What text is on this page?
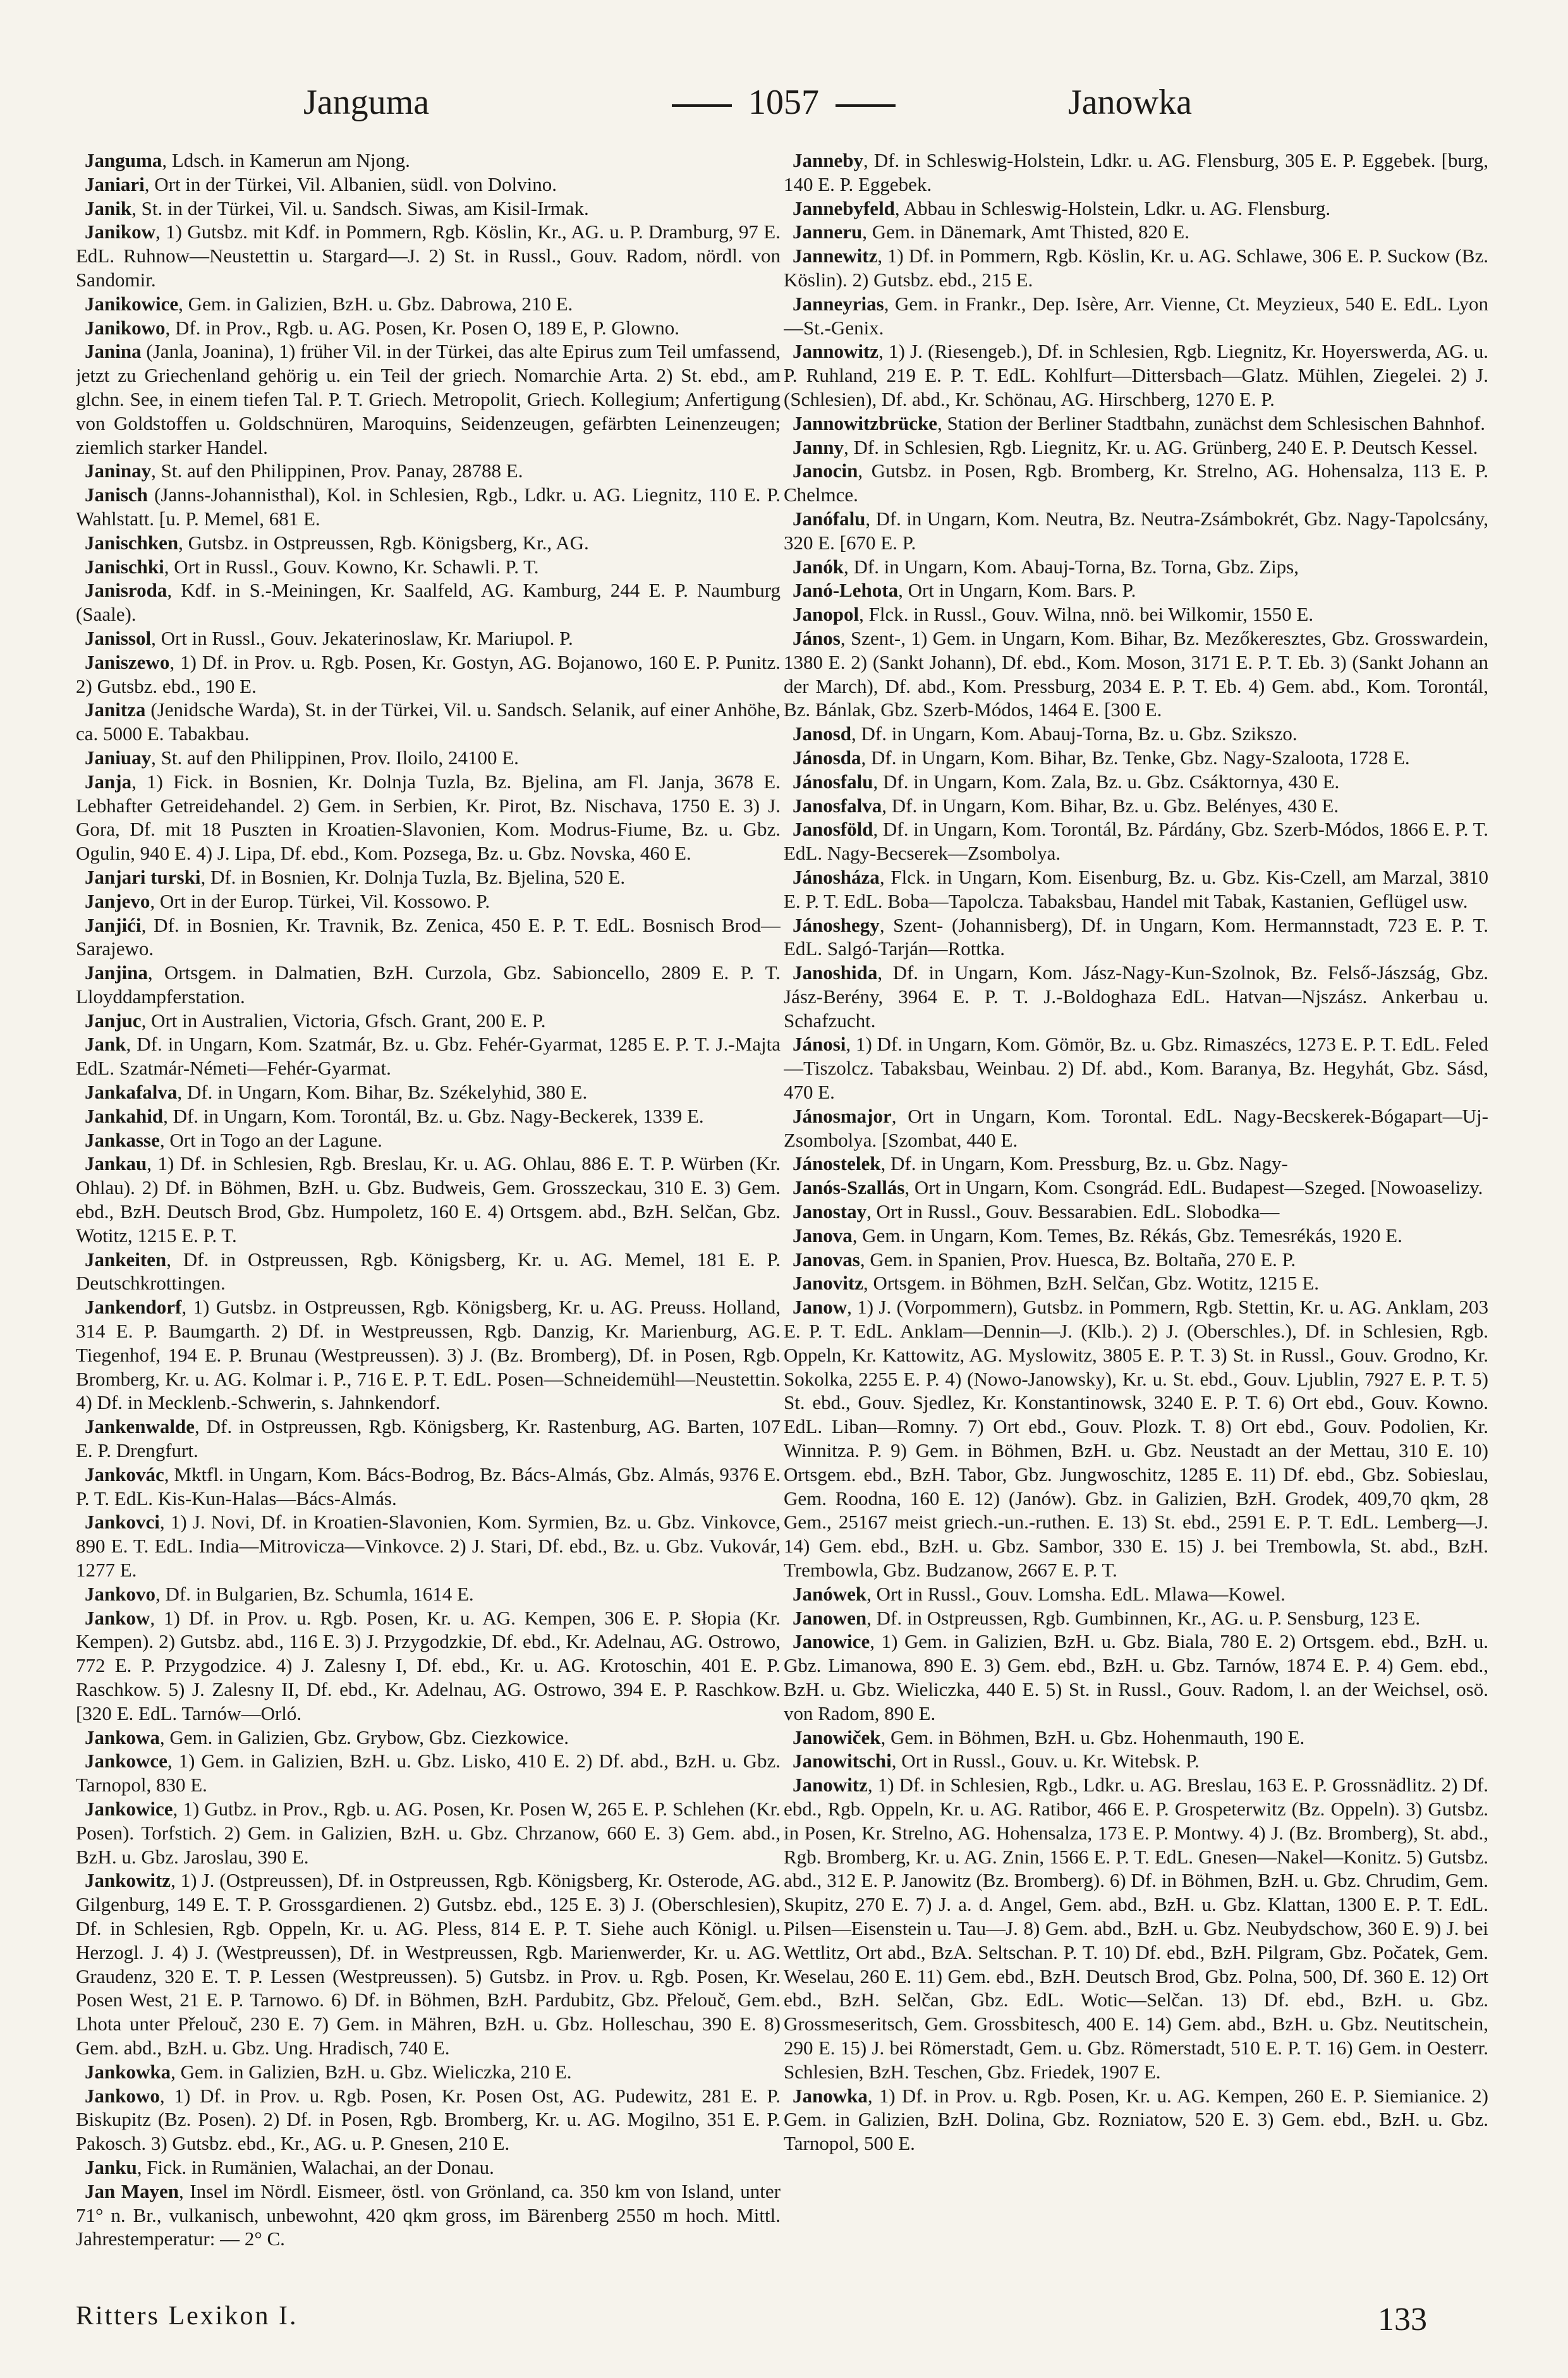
Janguma	1057	Janowka

Janguma, Ldsch. in Kamerun am Njong.

Janiari, Ort in der Türkei, Vil. Albanien, südl. von Dolvino.

Janik, St. in der Türkei, Vil. u. Sandsch. Siwas, am Kisil-Irmak.

Janikow, 1) Gutsbz. mit Kdf. in Pommern, Rgb. Köslin, Kr., AG. u. P. Dramburg, 97 E. EdL. Ruhnow—Neustettin u. Stargard—J. 2) St. in Russl., Gouv. Radom, nördl. von Sandomir.

Janikowice, Gem. in Galizien, BzH. u. Gbz. Dabrowa, 210 E.

Janikowo, Df. in Prov., Rgb. u. AG. Posen, Kr. Posen O, 189 E, P. Glowno.

Janina (Janla, Joanina), 1) früher Vil. in der Türkei, das alte Epirus zum Teil umfassend, jetzt zu Griechenland gehörig u. ein Teil der griech. Nomarchie Arta. 2) St. ebd., am glchn. See, in einem tiefen Tal. P. T. Griech. Metropolit, Griech. Kollegium; Anfertigung von Goldstoffen u. Goldschnüren, Maroquins, Seidenzeugen, gefärbten Leinenzeugen; ziemlich starker Handel.

Janinay, St. auf den Philippinen, Prov. Panay, 28788 E.

Janisch (Janns-Johannisthal), Kol. in Schlesien, Rgb., Ldkr. u. AG. Liegnitz, 110 E. P. Wahlstatt. [u. P. Memel, 681 E.

Janischken, Gutsbz. in Ostpreussen, Rgb. Königsberg, Kr., AG.

Janischki, Ort in Russl., Gouv. Kowno, Kr. Schawli. P. T.

Janisroda, Kdf. in S.-Meiningen, Kr. Saalfeld, AG. Kamburg, 244 E. P. Naumburg (Saale).

Janissol, Ort in Russl., Gouv. Jekaterinoslaw, Kr. Mariupol. P.

Janiszewo, 1) Df. in Prov. u. Rgb. Posen, Kr. Gostyn, AG. Bojanowo, 160 E. P. Punitz. 2) Gutsbz. ebd., 190 E.

Janitza (Jenidsche Warda), St. in der Türkei, Vil. u. Sandsch. Selanik, auf einer Anhöhe, ca. 5000 E. Tabakbau.

Janiuay, St. auf den Philippinen, Prov. Iloilo, 24100 E.

Janja, 1) Fick. in Bosnien, Kr. Dolnja Tuzla, Bz. Bjelina, am Fl. Janja, 3678 E. Lebhafter Getreidehandel. 2) Gem. in Serbien, Kr. Pirot, Bz. Nischava, 1750 E. 3) J. Gora, Df. mit 18 Puszten in Kroatien-Slavonien, Kom. Modrus-Fiume, Bz. u. Gbz. Ogulin, 940 E. 4) J. Lipa, Df. ebd., Kom. Pozsega, Bz. u. Gbz. Novska, 460 E.

Janjari turski, Df. in Bosnien, Kr. Dolnja Tuzla, Bz. Bjelina, 520 E.

Janjevo, Ort in der Europ. Türkei, Vil. Kossowo. P.

Janjići, Df. in Bosnien, Kr. Travnik, Bz. Zenica, 450 E. P. T. EdL. Bosnisch Brod—Sarajewo.

Janjina, Ortsgem. in Dalmatien, BzH. Curzola, Gbz. Sabioncello, 2809 E. P. T. Lloyddampferstation.

Janjuc, Ort in Australien, Victoria, Gfsch. Grant, 200 E. P.

Jank, Df. in Ungarn, Kom. Szatmár, Bz. u. Gbz. Fehér-Gyarmat, 1285 E. P. T. J.-Majta EdL. Szatmár-Németi—Fehér-Gyarmat.

Jankafalva, Df. in Ungarn, Kom. Bihar, Bz. Székelyhid, 380 E.

Jankahid, Df. in Ungarn, Kom. Torontál, Bz. u. Gbz. Nagy-Beckerek, 1339 E.

Jankasse, Ort in Togo an der Lagune.

Jankau, 1) Df. in Schlesien, Rgb. Breslau, Kr. u. AG. Ohlau, 886 E. T. P. Würben (Kr. Ohlau). 2) Df. in Böhmen, BzH. u. Gbz. Budweis, Gem. Grosszeckau, 310 E. 3) Gem. ebd., BzH. Deutsch Brod, Gbz. Humpoletz, 160 E. 4) Ortsgem. abd., BzH. Selčan, Gbz. Wotitz, 1215 E. P. T.

Jankeiten, Df. in Ostpreussen, Rgb. Königsberg, Kr. u. AG. Memel, 181 E. P. Deutschkrottingen.

Jankendorf, 1) Gutsbz. in Ostpreussen, Rgb. Königsberg, Kr. u. AG. Preuss. Holland, 314 E. P. Baumgarth. 2) Df. in Westpreussen, Rgb. Danzig, Kr. Marienburg, AG. Tiegenhof, 194 E. P. Brunau (Westpreussen). 3) J. (Bz. Bromberg), Df. in Posen, Rgb. Bromberg, Kr. u. AG. Kolmar i. P., 716 E. P. T. EdL. Posen—Schneidemühl—Neustettin. 4) Df. in Mecklenb.-Schwerin, s. Jahnkendorf.

Jankenwalde, Df. in Ostpreussen, Rgb. Königsberg, Kr. Rastenburg, AG. Barten, 107 E. P. Drengfurt.

Jankovác, Mktfl. in Ungarn, Kom. Bács-Bodrog, Bz. Bács-Almás, Gbz. Almás, 9376 E. P. T. EdL. Kis-Kun-Halas—Bács-Almás.

Jankovci, 1) J. Novi, Df. in Kroatien-Slavonien, Kom. Syrmien, Bz. u. Gbz. Vinkovce, 890 E. T. EdL. India—Mitrovicza—Vinkovce. 2) J. Stari, Df. ebd., Bz. u. Gbz. Vukovár, 1277 E.

Jankovo, Df. in Bulgarien, Bz. Schumla, 1614 E.

Jankow, 1) Df. in Prov. u. Rgb. Posen, Kr. u. AG. Kempen, 306 E. P. Słopia (Kr. Kempen). 2) Gutsbz. abd., 116 E. 3) J. Przygodzkie, Df. ebd., Kr. Adelnau, AG. Ostrowo, 772 E. P. Przygodzice. 4) J. Zalesny I, Df. ebd., Kr. u. AG. Krotoschin, 401 E. P. Raschkow. 5) J. Zalesny II, Df. ebd., Kr. Adelnau, AG. Ostrowo, 394 E. P. Raschkow. [320 E. EdL. Tarnów—Orló.

Jankowa, Gem. in Galizien, Gbz. Grybow, Gbz. Ciezkowice.

Jankowce, 1) Gem. in Galizien, BzH. u. Gbz. Lisko, 410 E. 2) Df. abd., BzH. u. Gbz. Tarnopol, 830 E.

Jankowice, 1) Gutbz. in Prov., Rgb. u. AG. Posen, Kr. Posen W, 265 E. P. Schlehen (Kr. Posen). Torfstich. 2) Gem. in Galizien, BzH. u. Gbz. Chrzanow, 660 E. 3) Gem. abd., BzH. u. Gbz. Jaroslau, 390 E.

Jankowitz, 1) J. (Ostpreussen), Df. in Ostpreussen, Rgb. Königsberg, Kr. Osterode, AG. Gilgenburg, 149 E. T. P. Grossgardienen. 2) Gutsbz. ebd., 125 E. 3) J. (Oberschlesien), Df. in Schlesien, Rgb. Oppeln, Kr. u. AG. Pless, 814 E. P. T. Siehe auch Königl. u. Herzogl. J. 4) J. (Westpreussen), Df. in Westpreussen, Rgb. Marienwerder, Kr. u. AG. Graudenz, 320 E. T. P. Lessen (Westpreussen). 5) Gutsbz. in Prov. u. Rgb. Posen, Kr. Posen West, 21 E. P. Tarnowo. 6) Df. in Böhmen, BzH. Pardubitz, Gbz. Přelouč, Gem. Lhota unter Přelouč, 230 E. 7) Gem. in Mähren, BzH. u. Gbz. Holleschau, 390 E. 8) Gem. abd., BzH. u. Gbz. Ung. Hradisch, 740 E.

Jankowka, Gem. in Galizien, BzH. u. Gbz. Wieliczka, 210 E.

Jankowo, 1) Df. in Prov. u. Rgb. Posen, Kr. Posen Ost, AG. Pudewitz, 281 E. P. Biskupitz (Bz. Posen). 2) Df. in Posen, Rgb. Bromberg, Kr. u. AG. Mogilno, 351 E. P. Pakosch. 3) Gutsbz. ebd., Kr., AG. u. P. Gnesen, 210 E.

Janku, Fick. in Rumänien, Walachai, an der Donau.

Jan Mayen, Insel im Nördl. Eismeer, östl. von Grönland, ca. 350 km von Island, unter 71° n. Br., vulkanisch, unbewohnt, 420 qkm gross, im Bärenberg 2550 m hoch. Mittl. Jahrestemperatur: — 2° C.

Janneby, Df. in Schleswig-Holstein, Ldkr. u. AG. Flensburg, 305 E. P. Eggebek. [burg, 140 E. P. Eggebek.

Jannebyfeld, Abbau in Schleswig-Holstein, Ldkr. u. AG. Flensburg.

Janneru, Gem. in Dänemark, Amt Thisted, 820 E.

Jannewitz, 1) Df. in Pommern, Rgb. Köslin, Kr. u. AG. Schlawe, 306 E. P. Suckow (Bz. Köslin). 2) Gutsbz. ebd., 215 E.

Janneyrias, Gem. in Frankr., Dep. Isère, Arr. Vienne, Ct. Meyzieux, 540 E. EdL. Lyon—St.-Genix.

Jannowitz, 1) J. (Riesengeb.), Df. in Schlesien, Rgb. Liegnitz, Kr. Hoyerswerda, AG. u. P. Ruhland, 219 E. P. T. EdL. Kohlfurt—Dittersbach—Glatz. Mühlen, Ziegelei. 2) J. (Schlesien), Df. abd., Kr. Schönau, AG. Hirschberg, 1270 E. P.

Jannowitzbrücke, Station der Berliner Stadtbahn, zunächst dem Schlesischen Bahnhof.

Janny, Df. in Schlesien, Rgb. Liegnitz, Kr. u. AG. Grünberg, 240 E. P. Deutsch Kessel.

Janocin, Gutsbz. in Posen, Rgb. Bromberg, Kr. Strelno, AG. Hohensalza, 113 E. P. Chelmce.

Janófalu, Df. in Ungarn, Kom. Neutra, Bz. Neutra-Zsámbokrét, Gbz. Nagy-Tapolcsány, 320 E. [670 E. P.

Janók, Df. in Ungarn, Kom. Abauj-Torna, Bz. Torna, Gbz. Zips,

Janó-Lehota, Ort in Ungarn, Kom. Bars. P.

Janopol, Flck. in Russl., Gouv. Wilna, nnö. bei Wilkomir, 1550 E.

János, Szent-, 1) Gem. in Ungarn, Kom. Bihar, Bz. Mezőkeresztes, Gbz. Grosswardein, 1380 E. 2) (Sankt Johann), Df. ebd., Kom. Moson, 3171 E. P. T. Eb. 3) (Sankt Johann an der March), Df. abd., Kom. Pressburg, 2034 E. P. T. Eb. 4) Gem. abd., Kom. Torontál, Bz. Bánlak, Gbz. Szerb-Módos, 1464 E. [300 E.

Janosd, Df. in Ungarn, Kom. Abauj-Torna, Bz. u. Gbz. Szikszo.

Jánosda, Df. in Ungarn, Kom. Bihar, Bz. Tenke, Gbz. Nagy-Szaloota, 1728 E.

Jánosfalu, Df. in Ungarn, Kom. Zala, Bz. u. Gbz. Csáktornya, 430 E.

Janosfalva, Df. in Ungarn, Kom. Bihar, Bz. u. Gbz. Belényes, 430 E.

Janosföld, Df. in Ungarn, Kom. Torontál, Bz. Párdány, Gbz. Szerb-Módos, 1866 E. P. T. EdL. Nagy-Becserek—Zsombolya.

Jánosháza, Flck. in Ungarn, Kom. Eisenburg, Bz. u. Gbz. Kis-Czell, am Marzal, 3810 E. P. T. EdL. Boba—Tapolcza. Tabaksbau, Handel mit Tabak, Kastanien, Geflügel usw.

Jánoshegy, Szent- (Johannisberg), Df. in Ungarn, Kom. Hermannstadt, 723 E. P. T. EdL. Salgó-Tarján—Rottka.

Janoshida, Df. in Ungarn, Kom. Jász-Nagy-Kun-Szolnok, Bz. Felső-Jászság, Gbz. Jász-Berény, 3964 E. P. T. J.-Boldoghaza EdL. Hatvan—Njszász. Ankerbau u. Schafzucht.

Jánosi, 1) Df. in Ungarn, Kom. Gömör, Bz. u. Gbz. Rimaszécs, 1273 E. P. T. EdL. Feled—Tiszolcz. Tabaksbau, Weinbau. 2) Df. abd., Kom. Baranya, Bz. Hegyhát, Gbz. Sásd, 470 E.

Jánosmajor, Ort in Ungarn, Kom. Torontal. EdL. Nagy-Becskerek-Bógapart—Uj-Zsombolya. [Szombat, 440 E.

Jánostelek, Df. in Ungarn, Kom. Pressburg, Bz. u. Gbz. Nagy-

Janós-Szallás, Ort in Ungarn, Kom. Csongrád. EdL. Budapest—Szeged. [Nowoaselizy.

Janostay, Ort in Russl., Gouv. Bessarabien. EdL. Slobodka—

Janova, Gem. in Ungarn, Kom. Temes, Bz. Rékás, Gbz. Temesrékás, 1920 E.

Janovas, Gem. in Spanien, Prov. Huesca, Bz. Boltaña, 270 E. P.

Janovitz, Ortsgem. in Böhmen, BzH. Selčan, Gbz. Wotitz, 1215 E.

Janow, 1) J. (Vorpommern), Gutsbz. in Pommern, Rgb. Stettin, Kr. u. AG. Anklam, 203 E. P. T. EdL. Anklam—Dennin—J. (Klb.). 2) J. (Oberschles.), Df. in Schlesien, Rgb. Oppeln, Kr. Kattowitz, AG. Myslowitz, 3805 E. P. T. 3) St. in Russl., Gouv. Grodno, Kr. Sokolka, 2255 E. P. 4) (Nowo-Janowsky), Kr. u. St. ebd., Gouv. Ljublin, 7927 E. P. T. 5) St. ebd., Gouv. Sjedlez, Kr. Konstantinowsk, 3240 E. P. T. 6) Ort ebd., Gouv. Kowno. EdL. Liban—Romny. 7) Ort ebd., Gouv. Plozk. T. 8) Ort ebd., Gouv. Podolien, Kr. Winnitza. P. 9) Gem. in Böhmen, BzH. u. Gbz. Neustadt an der Mettau, 310 E. 10) Ortsgem. ebd., BzH. Tabor, Gbz. Jungwoschitz, 1285 E. 11) Df. ebd., Gbz. Sobieslau, Gem. Roodna, 160 E. 12) (Janów). Gbz. in Galizien, BzH. Grodek, 409,70 qkm, 28 Gem., 25167 meist griech.-un.-ruthen. E. 13) St. ebd., 2591 E. P. T. EdL. Lemberg—J. 14) Gem. ebd., BzH. u. Gbz. Sambor, 330 E. 15) J. bei Trembowla, St. abd., BzH. Trembowla, Gbz. Budzanow, 2667 E. P. T.

Janówek, Ort in Russl., Gouv. Lomsha. EdL. Mlawa—Kowel.

Janowen, Df. in Ostpreussen, Rgb. Gumbinnen, Kr., AG. u. P. Sensburg, 123 E.

Janowice, 1) Gem. in Galizien, BzH. u. Gbz. Biala, 780 E. 2) Ortsgem. ebd., BzH. u. Gbz. Limanowa, 890 E. 3) Gem. ebd., BzH. u. Gbz. Tarnów, 1874 E. P. 4) Gem. ebd., BzH. u. Gbz. Wieliczka, 440 E. 5) St. in Russl., Gouv. Radom, l. an der Weichsel, osö. von Radom, 890 E.

Janowiček, Gem. in Böhmen, BzH. u. Gbz. Hohenmauth, 190 E.

Janowitschi, Ort in Russl., Gouv. u. Kr. Witebsk. P.

Janowitz, 1) Df. in Schlesien, Rgb., Ldkr. u. AG. Breslau, 163 E. P. Grossnädlitz. 2) Df. ebd., Rgb. Oppeln, Kr. u. AG. Ratibor, 466 E. P. Grospeterwitz (Bz. Oppeln). 3) Gutsbz. in Posen, Kr. Strelno, AG. Hohensalza, 173 E. P. Montwy. 4) J. (Bz. Bromberg), St. abd., Rgb. Bromberg, Kr. u. AG. Znin, 1566 E. P. T. EdL. Gnesen—Nakel—Konitz. 5) Gutsbz. abd., 312 E. P. Janowitz (Bz. Bromberg). 6) Df. in Böhmen, BzH. u. Gbz. Chrudim, Gem. Skupitz, 270 E. 7) J. a. d. Angel, Gem. abd., BzH. u. Gbz. Klattan, 1300 E. P. T. EdL. Pilsen—Eisenstein u. Tau—J. 8) Gem. abd., BzH. u. Gbz. Neubydschow, 360 E. 9) J. bei Wettlitz, Ort abd., BzA. Seltschan. P. T. 10) Df. ebd., BzH. Pilgram, Gbz. Počatek, Gem. Weselau, 260 E. 11) Gem. ebd., BzH. Deutsch Brod, Gbz. Polna, 500, Df. 360 E. 12) Ort ebd., BzH. Selčan, Gbz. EdL. Wotic—Selčan. 13) Df. ebd., BzH. u. Gbz. Grossmeseritsch, Gem. Grossbitesch, 400 E. 14) Gem. abd., BzH. u. Gbz. Neutitschein, 290 E. 15) J. bei Römerstadt, Gem. u. Gbz. Römerstadt, 510 E. P. T. 16) Gem. in Oesterr. Schlesien, BzH. Teschen, Gbz. Friedek, 1907 E.

Janowka, 1) Df. in Prov. u. Rgb. Posen, Kr. u. AG. Kempen, 260 E. P. Siemianice. 2) Gem. in Galizien, BzH. Dolina, Gbz. Rozniatow, 520 E. 3) Gem. ebd., BzH. u. Gbz. Tarnopol, 500 E.

Ritters Lexikon I.	133
